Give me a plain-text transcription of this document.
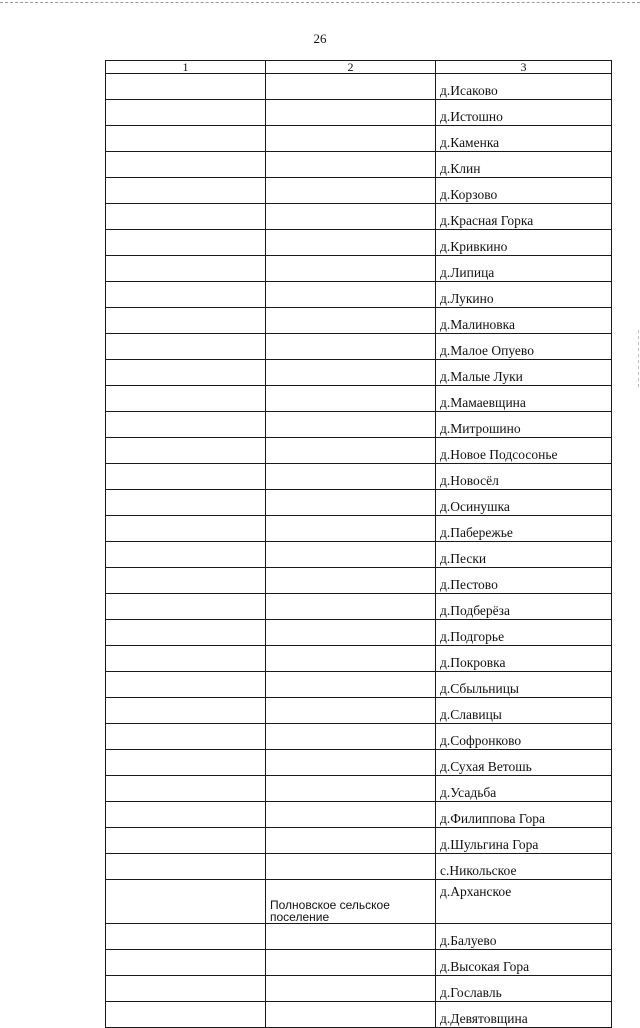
26
1	2	3
		д.Исаково
		д.Истошно
		д.Каменка
		д.Клин
		д.Корзово
		д.Красная Горка
		д.Кривкино
		д.Липица
		д.Лукино
		д.Малиновка
		д.Малое Опуево
		д.Малые Луки
		д.Мамаевщина
		д.Митрошино
		д.Новое Подсосонье
		д.Новосёл
		д.Осинушка
		д.Пабережье
		д.Пески
		д.Пестово
		д.Подберёза
		д.Подгорье
		д.Покровка
		д.Сбыльницы
		д.Славицы
		д.Софронково
		д.Сухая Ветошь
		д.Усадьба
		д.Филиппова Гора
		д.Шульгина Гора
		с.Никольское
	Полновское сельское поселение	д.Арханское
		д.Балуево
		д.Высокая Гора
		д.Гославль
		д.Девятовщина
